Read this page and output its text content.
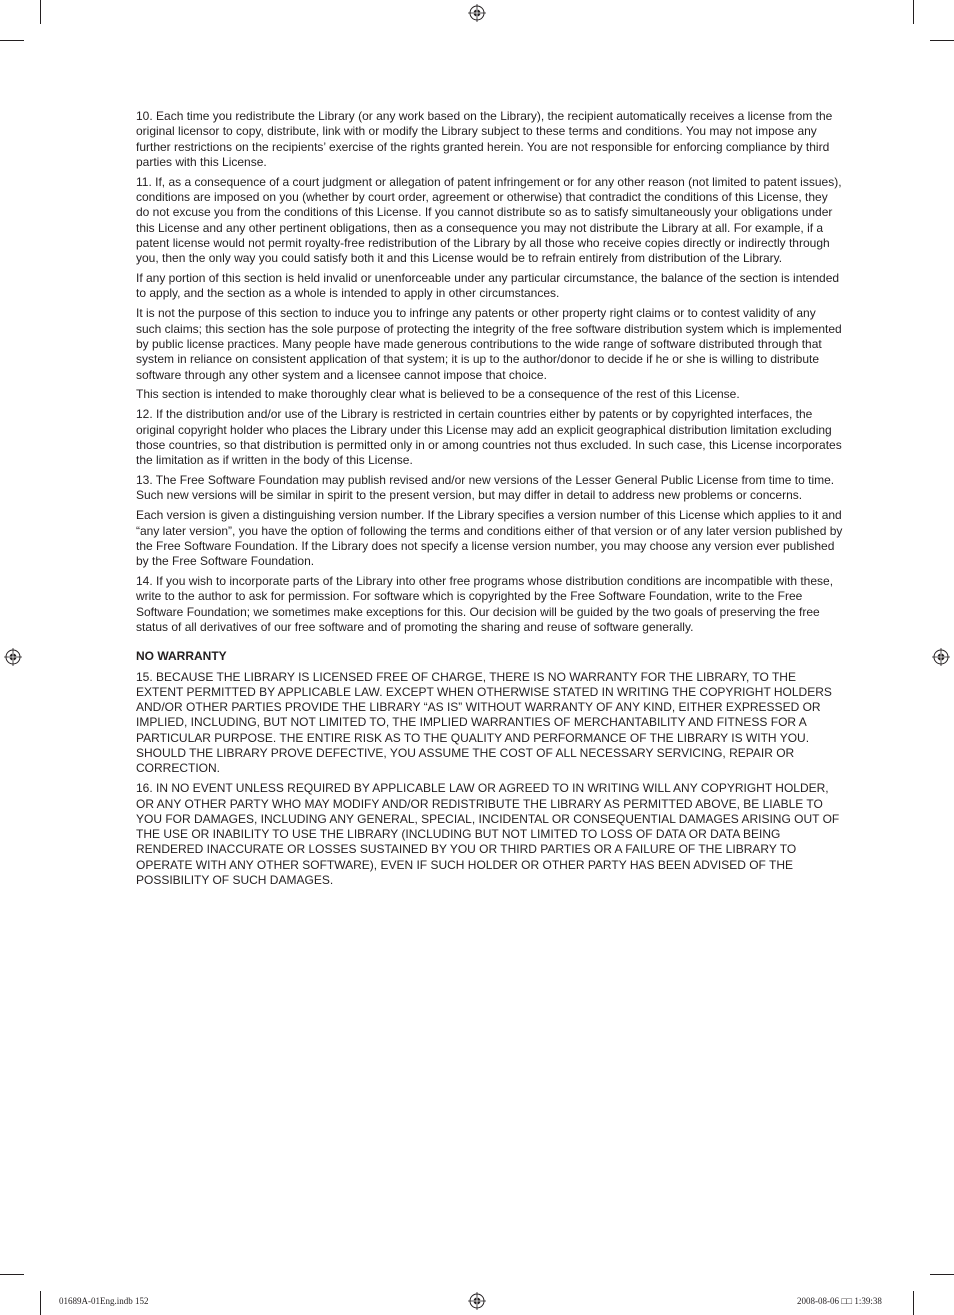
10. Each time you redistribute the Library (or any work based on the Library), the recipient automatically receives a license from the original licensor to copy, distribute, link with or modify the Library subject to these terms and conditions. You may not impose any further restrictions on the recipients’ exercise of the rights granted herein. You are not responsible for enforcing compliance by third parties with this License.

11. If, as a consequence of a court judgment or allegation of patent infringement or for any other reason (not limited to patent issues), conditions are imposed on you (whether by court order, agreement or otherwise) that contradict the conditions of this License, they do not excuse you from the conditions of this License. If you cannot distribute so as to satisfy simultaneously your obligations under this License and any other pertinent obligations, then as a consequence you may not distribute the Library at all. For example, if a patent license would not permit royalty-free redistribution of the Library by all those who receive copies directly or indirectly through you, then the only way you could satisfy both it and this License would be to refrain entirely from distribution of the Library.

If any portion of this section is held invalid or unenforceable under any particular circumstance, the balance of the section is intended to apply, and the section as a whole is intended to apply in other circumstances.

It is not the purpose of this section to induce you to infringe any patents or other property right claims or to contest validity of any such claims; this section has the sole purpose of protecting the integrity of the free software distribution system which is implemented by public license practices. Many people have made generous contributions to the wide range of software distributed through that system in reliance on consistent application of that system; it is up to the author/donor to decide if he or she is willing to distribute software through any other system and a licensee cannot impose that choice.

This section is intended to make thoroughly clear what is believed to be a consequence of the rest of this License.

12. If the distribution and/or use of the Library is restricted in certain countries either by patents or by copyrighted interfaces, the original copyright holder who places the Library under this License may add an explicit geographical distribution limitation excluding those countries, so that distribution is permitted only in or among countries not thus excluded. In such case, this License incorporates the limitation as if written in the body of this License.

13. The Free Software Foundation may publish revised and/or new versions of the Lesser General Public License from time to time. Such new versions will be similar in spirit to the present version, but may differ in detail to address new problems or concerns.

Each version is given a distinguishing version number. If the Library specifies a version number of this License which applies to it and “any later version”, you have the option of following the terms and conditions either of that version or of any later version published by the Free Software Foundation. If the Library does not specify a license version number, you may choose any version ever published by the Free Software Foundation.

14. If you wish to incorporate parts of the Library into other free programs whose distribution conditions are incompatible with these, write to the author to ask for permission. For software which is copyrighted by the Free Software Foundation, write to the Free Software Foundation; we sometimes make exceptions for this. Our decision will be guided by the two goals of preserving the free status of all derivatives of our free software and of promoting the sharing and reuse of software generally.

NO WARRANTY

15. BECAUSE THE LIBRARY IS LICENSED FREE OF CHARGE, THERE IS NO WARRANTY FOR THE LIBRARY, TO THE EXTENT PERMITTED BY APPLICABLE LAW. EXCEPT WHEN OTHERWISE STATED IN WRITING THE COPYRIGHT HOLDERS AND/OR OTHER PARTIES PROVIDE THE LIBRARY “AS IS” WITHOUT WARRANTY OF ANY KIND, EITHER EXPRESSED OR IMPLIED, INCLUDING, BUT NOT LIMITED TO, THE IMPLIED WARRANTIES OF MERCHANTABILITY AND FITNESS FOR A PARTICULAR PURPOSE. THE ENTIRE RISK AS TO THE QUALITY AND PERFORMANCE OF THE LIBRARY IS WITH YOU. SHOULD THE LIBRARY PROVE DEFECTIVE, YOU ASSUME THE COST OF ALL NECESSARY SERVICING, REPAIR OR CORRECTION.

16. IN NO EVENT UNLESS REQUIRED BY APPLICABLE LAW OR AGREED TO IN WRITING WILL ANY COPYRIGHT HOLDER, OR ANY OTHER PARTY WHO MAY MODIFY AND/OR REDISTRIBUTE THE LIBRARY AS PERMITTED ABOVE, BE LIABLE TO YOU FOR DAMAGES, INCLUDING ANY GENERAL, SPECIAL, INCIDENTAL OR CONSEQUENTIAL DAMAGES ARISING OUT OF THE USE OR INABILITY TO USE THE LIBRARY (INCLUDING BUT NOT LIMITED TO LOSS OF DATA OR DATA BEING RENDERED INACCURATE OR LOSSES SUSTAINED BY YOU OR THIRD PARTIES OR A FAILURE OF THE LIBRARY TO OPERATE WITH ANY OTHER SOFTWARE), EVEN IF SUCH HOLDER OR OTHER PARTY HAS BEEN ADVISED OF THE POSSIBILITY OF SUCH DAMAGES.

01689A-01Eng.indb 152	2008-08-06 □□ 1:39:38
